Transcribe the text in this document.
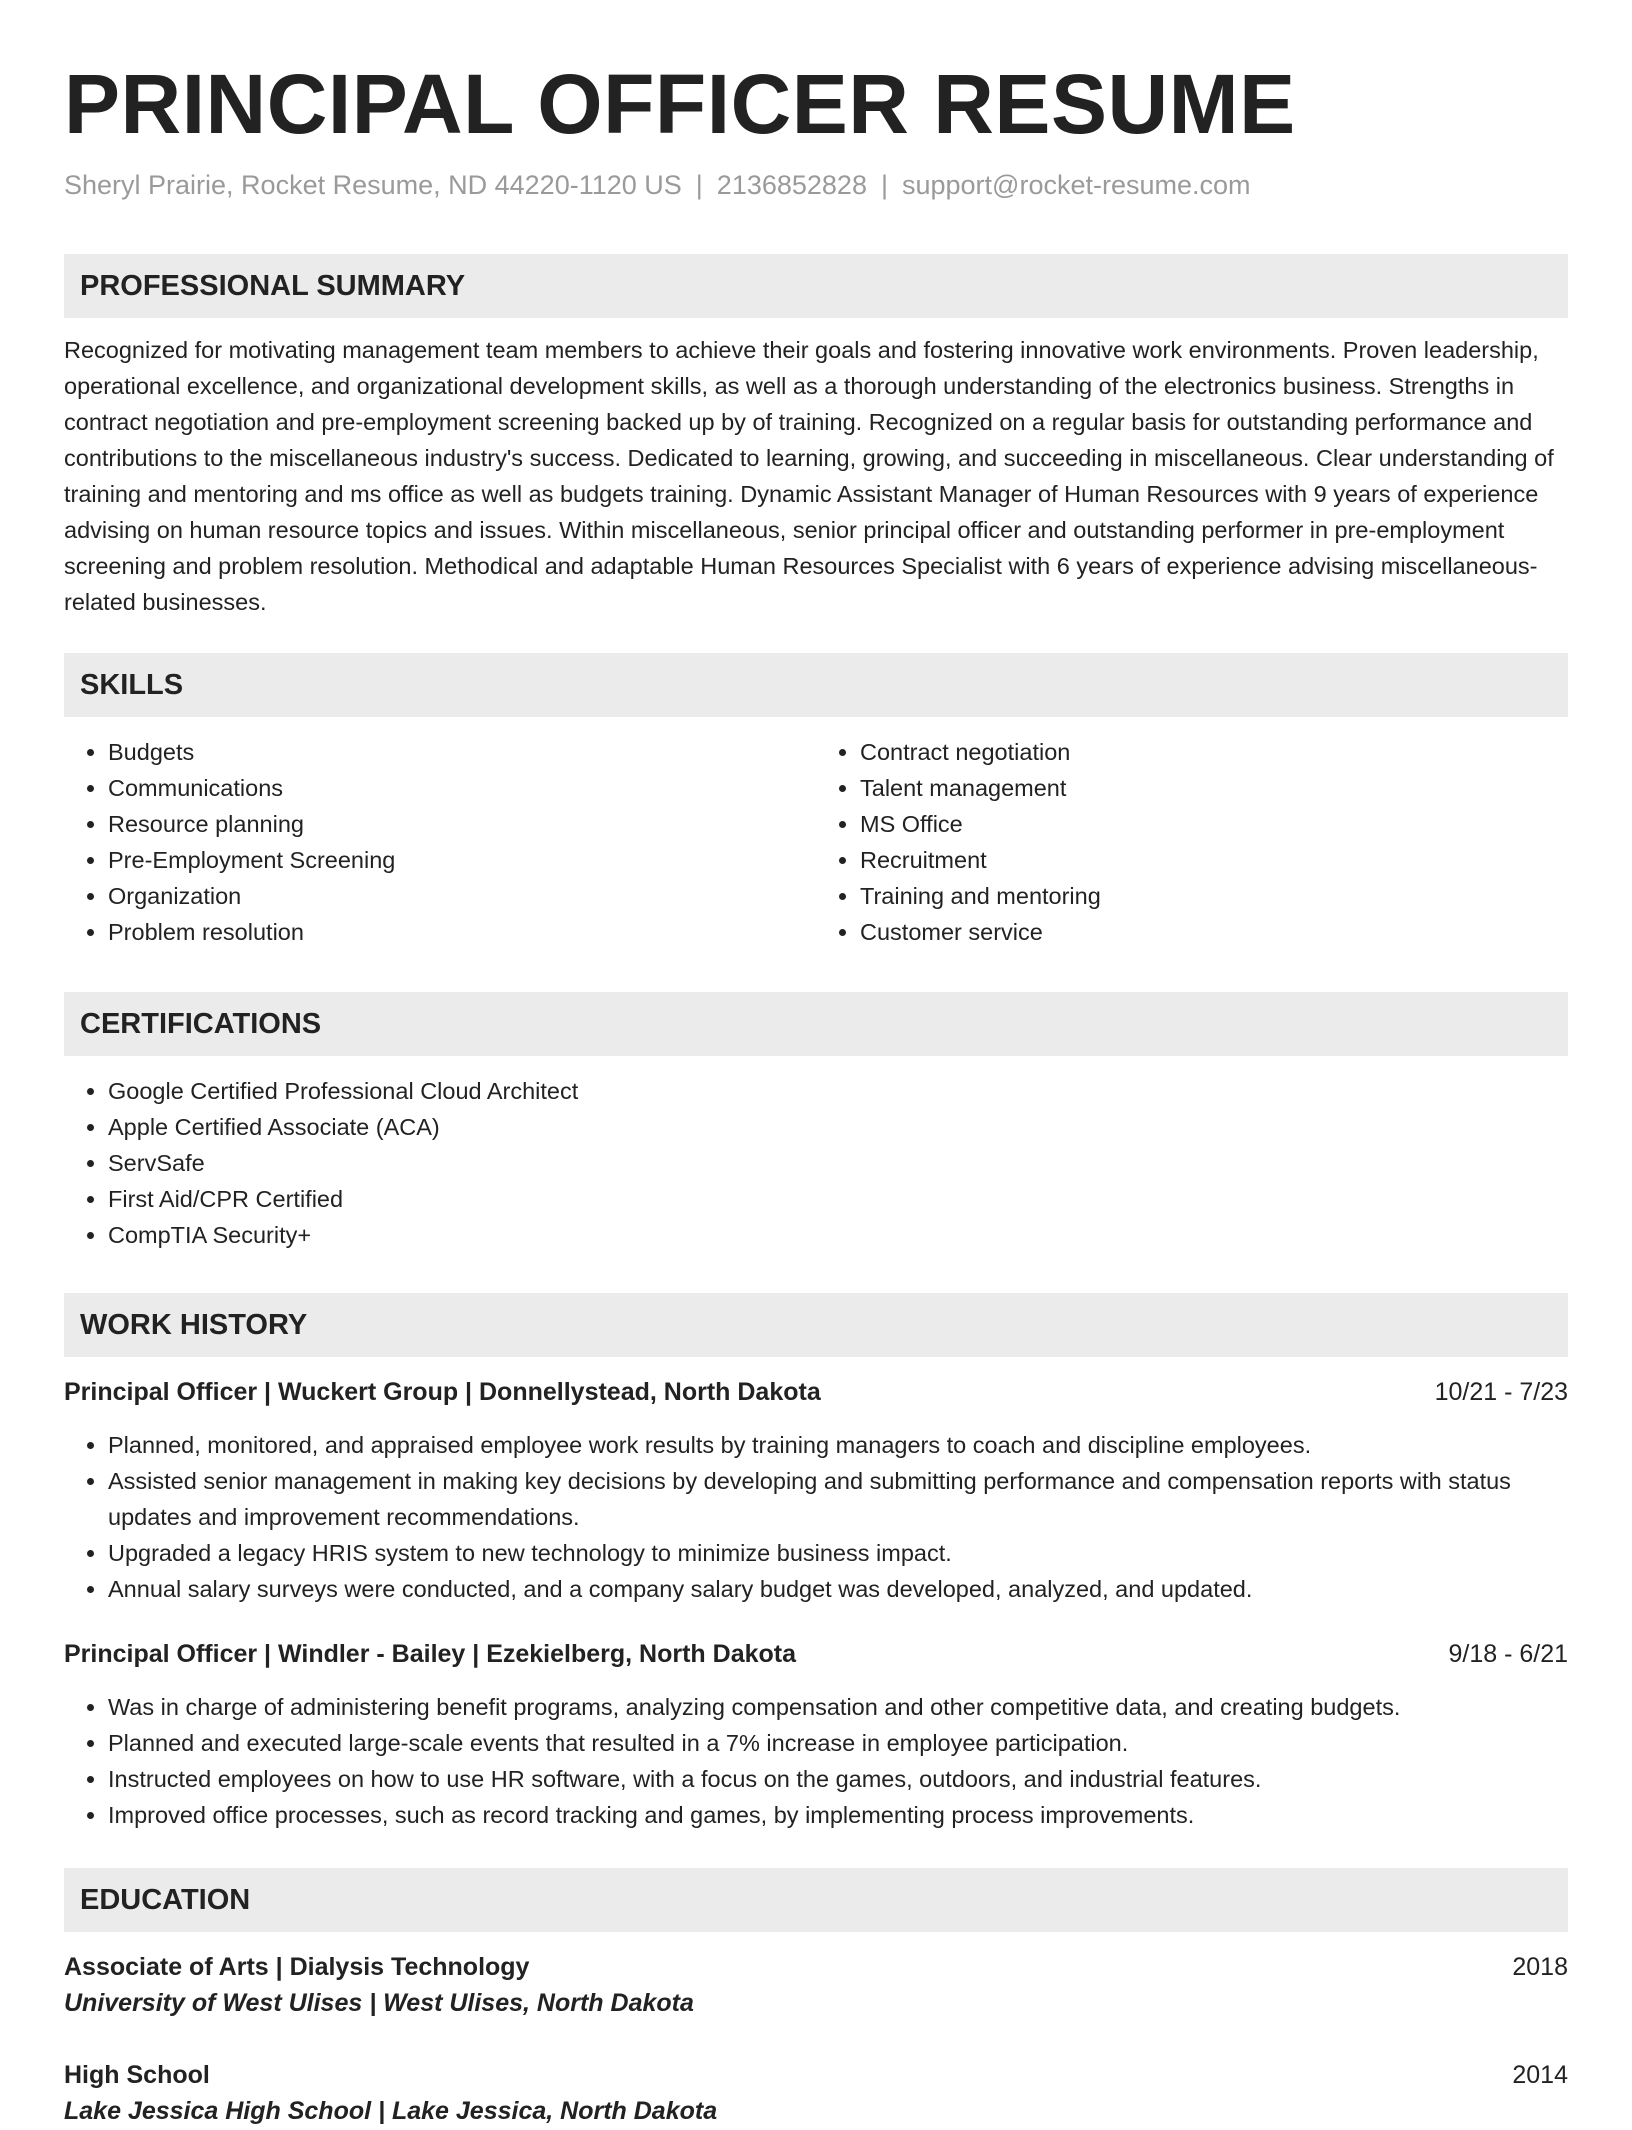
PRINCIPAL OFFICER RESUME
Sheryl Prairie, Rocket Resume, ND 44220-1120 US | 2136852828 | support@rocket-resume.com
PROFESSIONAL SUMMARY

Recognized for motivating management team members to achieve their goals and fostering innovative work environments. Proven leadership, operational excellence, and organizational development skills, as well as a thorough understanding of the electronics business. Strengths in contract negotiation and pre-employment screening backed up by of training. Recognized on a regular basis for outstanding performance and contributions to the miscellaneous industry's success. Dedicated to learning, growing, and succeeding in miscellaneous. Clear understanding of training and mentoring and ms office as well as budgets training. Dynamic Assistant Manager of Human Resources with 9 years of experience advising on human resource topics and issues. Within miscellaneous, senior principal officer and outstanding performer in pre-employment screening and problem resolution. Methodical and adaptable Human Resources Specialist with 6 years of experience advising miscellaneous-related businesses.

SKILLS
• Budgets
• Communications
• Resource planning
• Pre-Employment Screening
• Organization
• Problem resolution
• Contract negotiation
• Talent management
• MS Office
• Recruitment
• Training and mentoring
• Customer service
CERTIFICATIONS
• Google Certified Professional Cloud Architect
• Apple Certified Associate (ACA)
• ServSafe
• First Aid/CPR Certified
• CompTIA Security+
WORK HISTORY
Principal Officer | Wuckert Group | Donnellystead, North Dakota	10/21 - 7/23
• Planned, monitored, and appraised employee work results by training managers to coach and discipline employees.
• Assisted senior management in making key decisions by developing and submitting performance and compensation reports with status updates and improvement recommendations.
• Upgraded a legacy HRIS system to new technology to minimize business impact.
• Annual salary surveys were conducted, and a company salary budget was developed, analyzed, and updated.
Principal Officer | Windler - Bailey | Ezekielberg, North Dakota	9/18 - 6/21
• Was in charge of administering benefit programs, analyzing compensation and other competitive data, and creating budgets.
• Planned and executed large-scale events that resulted in a 7% increase in employee participation.
• Instructed employees on how to use HR software, with a focus on the games, outdoors, and industrial features.
• Improved office processes, such as record tracking and games, by implementing process improvements.
EDUCATION
Associate of Arts | Dialysis Technology	2018
University of West Ulises | West Ulises, North Dakota
High School	2014
Lake Jessica High School | Lake Jessica, North Dakota
